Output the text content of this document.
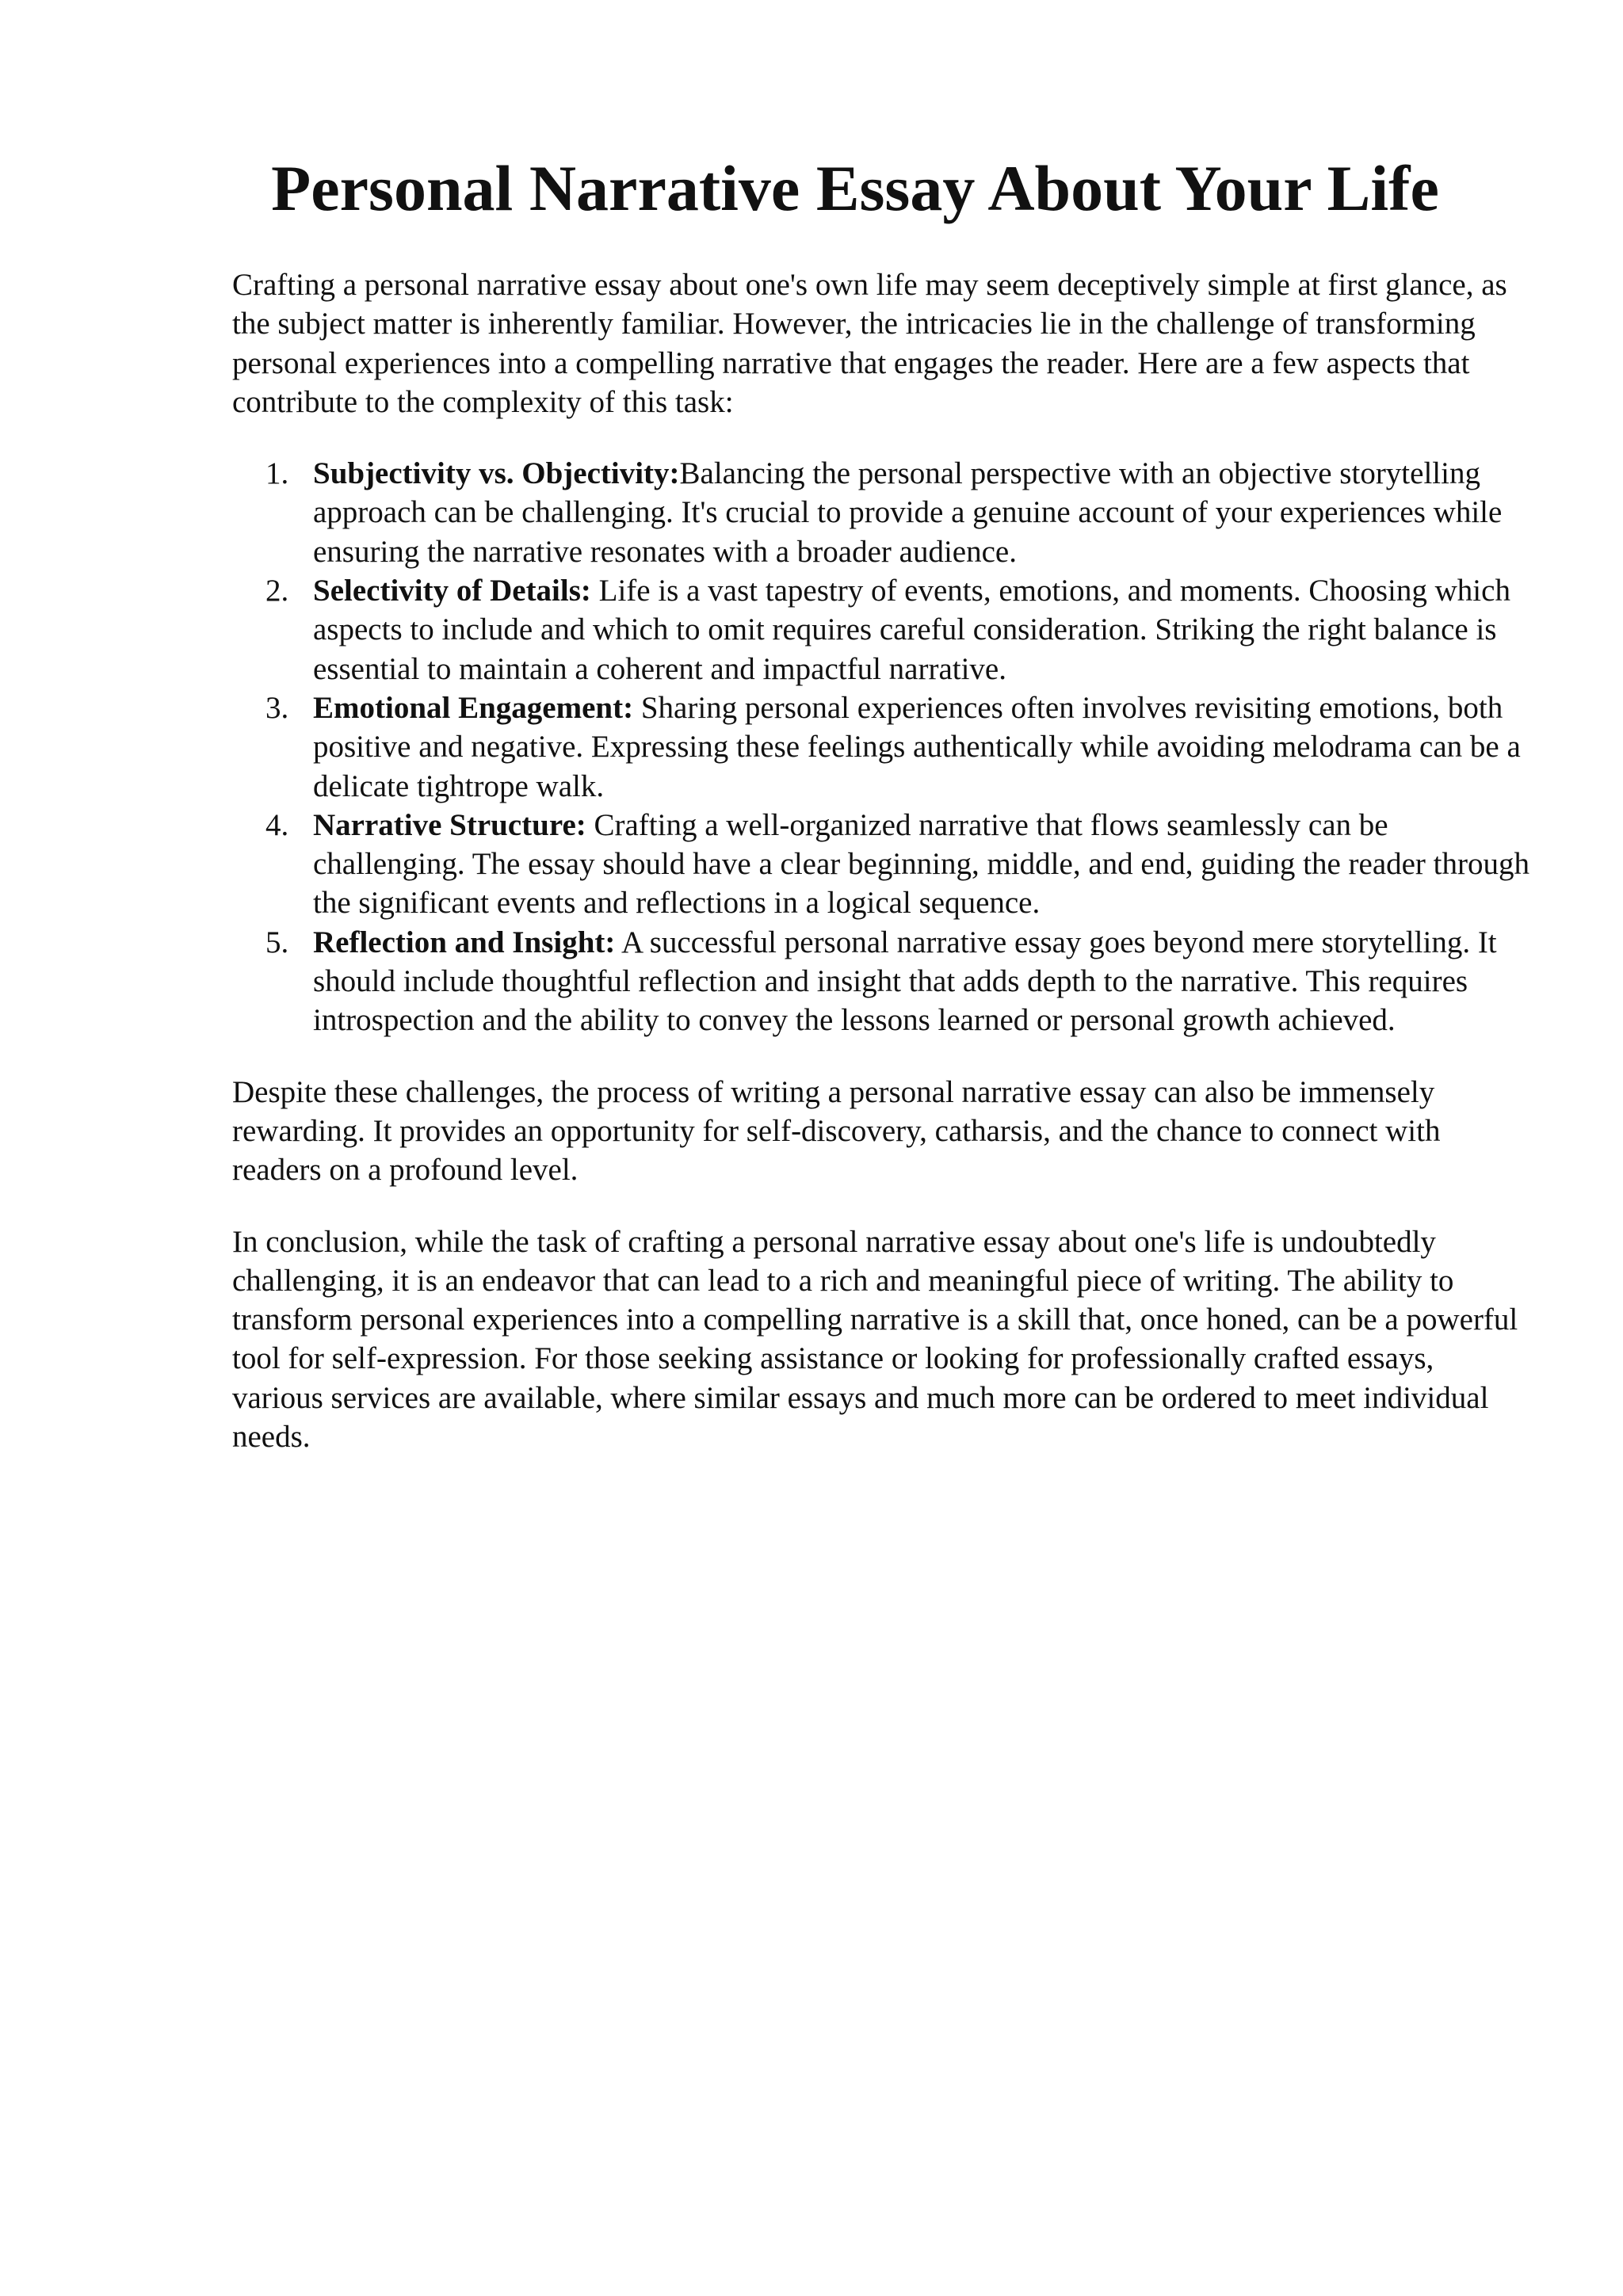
Personal Narrative Essay About Your Life

Crafting a personal narrative essay about one's own life may seem deceptively simple at first glance, as the subject matter is inherently familiar. However, the intricacies lie in the challenge of transforming personal experiences into a compelling narrative that engages the reader. Here are a few aspects that contribute to the complexity of this task:

1. Subjectivity vs. Objectivity:Balancing the personal perspective with an objective storytelling approach can be challenging. It's crucial to provide a genuine account of your experiences while ensuring the narrative resonates with a broader audience.
2. Selectivity of Details: Life is a vast tapestry of events, emotions, and moments. Choosing which aspects to include and which to omit requires careful consideration. Striking the right balance is essential to maintain a coherent and impactful narrative.
3. Emotional Engagement: Sharing personal experiences often involves revisiting emotions, both positive and negative. Expressing these feelings authentically while avoiding melodrama can be a delicate tightrope walk.
4. Narrative Structure: Crafting a well-organized narrative that flows seamlessly can be challenging. The essay should have a clear beginning, middle, and end, guiding the reader through the significant events and reflections in a logical sequence.
5. Reflection and Insight: A successful personal narrative essay goes beyond mere storytelling. It should include thoughtful reflection and insight that adds depth to the narrative. This requires introspection and the ability to convey the lessons learned or personal growth achieved.

Despite these challenges, the process of writing a personal narrative essay can also be immensely rewarding. It provides an opportunity for self-discovery, catharsis, and the chance to connect with readers on a profound level.

In conclusion, while the task of crafting a personal narrative essay about one's life is undoubtedly challenging, it is an endeavor that can lead to a rich and meaningful piece of writing. The ability to transform personal experiences into a compelling narrative is a skill that, once honed, can be a powerful tool for self-expression. For those seeking assistance or looking for professionally crafted essays, various services are available, where similar essays and much more can be ordered to meet individual needs.
